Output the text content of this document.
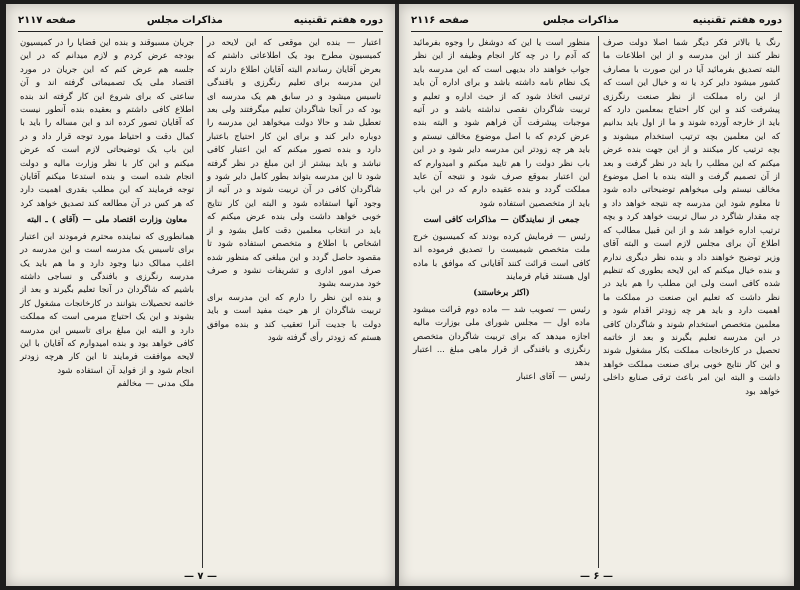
دوره هفتم تقنينيه
مذاكرات مجلس
صفحه ۲۱۱۷

جریان مسبوقند و بنده این قضایا را در کمیسیون بودجه عرض کردم و لازم میدانم که در این جلسه هم عرض کنم که این جریان در مورد اقتصاد ملی یک تصمیماتی گرفته اند و آن ساعتی که برای شروع این کار گرفته اند بنده اطلاع کافی داشتم و بعقیده بنده آنطور نیست که آقایان تصور کرده اند و این مساله را باید با کمال دقت و احتیاط مورد توجه قرار داد و در این باب یک توضیحاتی لازم است که عرض میکنم و این کار با نظر وزارت مالیه و دولت انجام شده است و بنده استدعا میکنم آقایان توجه فرمایند که این مطلب بقدری اهمیت دارد که هر کس در آن مطالعه کند تصدیق خواهد کرد

معاون وزارت اقتصاد ملی — (آقای ) ـ البته

همانطوری که نماینده محترم فرمودند این اعتبار برای تاسیس یک مدرسه است و این مدرسه در اغلب ممالک دنیا وجود دارد و ما هم باید یک مدرسه رنگرزی و بافندگی و نساجی داشته باشیم که شاگردان در آنجا تعلیم بگیرند و بعد از خاتمه تحصیلات بتوانند در کارخانجات مشغول کار بشوند و این یک احتیاج مبرمی است که مملکت دارد و البته این مبلغ برای تاسیس این مدرسه کافی خواهد بود و بنده امیدوارم که آقایان با این لایحه موافقت فرمایند تا این کار هرچه زودتر انجام شود و از فواید آن استفاده شود

ملک مدنی — مخالفم

اعتبار — بنده این موقعی که این لایحه در کمیسیون مطرح بود یک اطلاعاتی داشتم که بعرض آقایان رساندم البته آقایان اطلاع دارند که این مدرسه برای تعلیم رنگرزی و بافندگی تاسیس میشود و در سابق هم یک مدرسه ای بود که در آنجا شاگردان تعلیم میگرفتند ولی بعد تعطیل شد و حالا دولت میخواهد این مدرسه را دوباره دایر کند و برای این کار احتیاج باعتبار دارد و بنده تصور میکنم که این اعتبار کافی نباشد و باید بیشتر از این مبلغ در نظر گرفته شود تا این مدرسه بتواند بطور کامل دایر شود و شاگردان کافی در آن تربیت شوند و در آتیه از وجود آنها استفاده شود و البته این کار نتایج خوبی خواهد داشت ولی بنده عرض میکنم که باید در انتخاب معلمین دقت کامل بشود و از اشخاص با اطلاع و متخصص استفاده شود تا مقصود حاصل گردد و این مبلغی که منظور شده صرف امور اداری و تشریفات نشود و صرف خود مدرسه بشود

و بنده این نظر را دارم که این مدرسه برای تربیت شاگردان از هر حیث مفید است و باید دولت با جدیت آنرا تعقیب کند و بنده موافق هستم که زودتر رأی گرفته شود

— ۷ —
دوره هفتم تقنينيه
مذاكرات مجلس
صفحه ۲۱۱۶

منظور است یا این که دوشغل را وجوه بفرمائید که آدم را در چه کار انجام وظیفه از این نظر جواب خواهند داد بدیهی است که این مدرسه باید یک نظام نامه داشته باشد و برای اداره آن باید ترتیبی اتخاذ شود که از حیث اداره و تعلیم و تربیت شاگردان نقصی نداشته باشد و در آتیه موجبات پیشرفت آن فراهم شود و البته بنده عرض کردم که با اصل موضوع مخالف نیستم و باید هر چه زودتر این مدرسه دایر شود و در این باب نظر دولت را هم تایید میکنم و امیدوارم که این اعتبار بموقع صرف شود و نتیجه آن عاید مملکت گردد و بنده عقیده دارم که در این باب باید از متخصصین استفاده شود

جمعی از نمایندگان — مذاکرات کافی است

رئیس — فرمایش کرده بودند که کمیسیون خرج ملت متخصص شیمیست را تصدیق فرموده اند کافی است قرائت کنند آقایانی که موافق با ماده اول هستند قیام فرمایند

(اکثر برخاستند)

رئیس — تصویب شد — ماده دوم قرائت میشود ماده اول — مجلس شورای ملی بوزارت مالیه اجازه میدهد که برای تربیت شاگردان متخصص رنگرزی و بافندگی از قرار ماهی مبلغ ... اعتبار بدهد

رئیس — آقای اعتبار

رنگ یا بالاتر فکر دیگر شما اصلا دولت صرف نظر کنند از این مدرسه و از این اطلاعات ما البته تصدیق بفرمائید آیا در این صورت با مصارف کشور میشود دایر کرد یا نه و خیال این است که از این راه مملکت از نظر صنعت رنگرزی پیشرفت کند و این کار احتیاج بمعلمین دارد که باید از خارجه آورده شوند و ما از اول باید بدانیم که این معلمین بچه ترتیب استخدام میشوند و بچه ترتیب کار میکنند و از این جهت بنده عرض میکنم که این مطلب را باید در نظر گرفت و بعد از آن تصمیم گرفت و البته بنده با اصل موضوع مخالف نیستم ولی میخواهم توضیحاتی داده شود تا معلوم شود این مدرسه چه نتیجه خواهد داد و چه مقدار شاگرد در سال تربیت خواهد کرد و بچه ترتیب اداره خواهد شد و از این قبیل مطالب که اطلاع آن برای مجلس لازم است و البته آقای وزیر توضیح خواهند داد و بنده نظر دیگری ندارم و بنده خیال میکنم که این لایحه بطوری که تنظیم شده کافی است ولی این مطلب را هم باید در نظر داشت که تعلیم این صنعت در مملکت ما اهمیت دارد و باید هر چه زودتر اقدام شود و معلمین متخصص استخدام شوند و شاگردان کافی در این مدرسه تعلیم بگیرند و بعد از خاتمه تحصیل در کارخانجات مملکت بکار مشغول شوند و این کار نتایج خوبی برای صنعت مملکت خواهد داشت و البته این امر باعث ترقی صنایع داخلی خواهد بود

— ۶ —
